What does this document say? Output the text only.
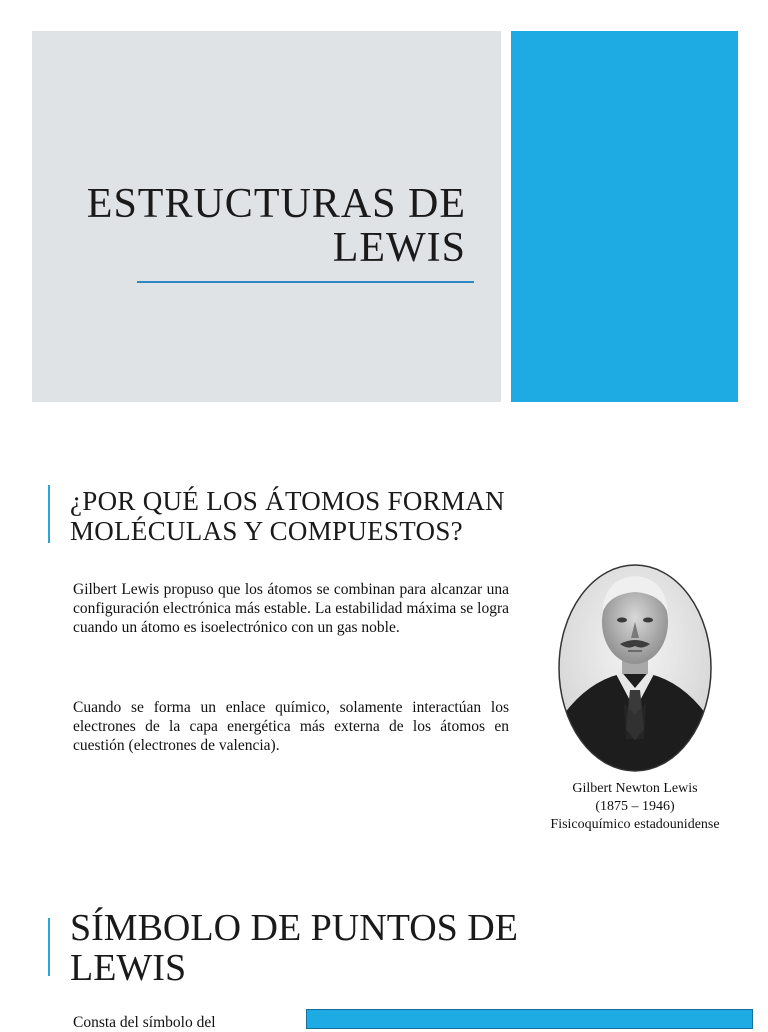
ESTRUCTURAS DE
LEWIS
¿POR QUÉ LOS ÁTOMOS FORMAN
MOLÉCULAS Y COMPUESTOS?
Gilbert Lewis propuso que los átomos se combinan para alcanzar una configuración electrónica más estable. La estabilidad máxima se logra cuando un átomo es isoelectrónico con un gas noble.
Cuando se forma un enlace químico, solamente interactúan los electrones de la capa energética más externa de los átomos en cuestión (electrones de valencia).
Gilbert Newton Lewis
(1875 – 1946)
Fisicoquímico estadounidense
SÍMBOLO DE PUNTOS DE
LEWIS
Consta del símbolo del
